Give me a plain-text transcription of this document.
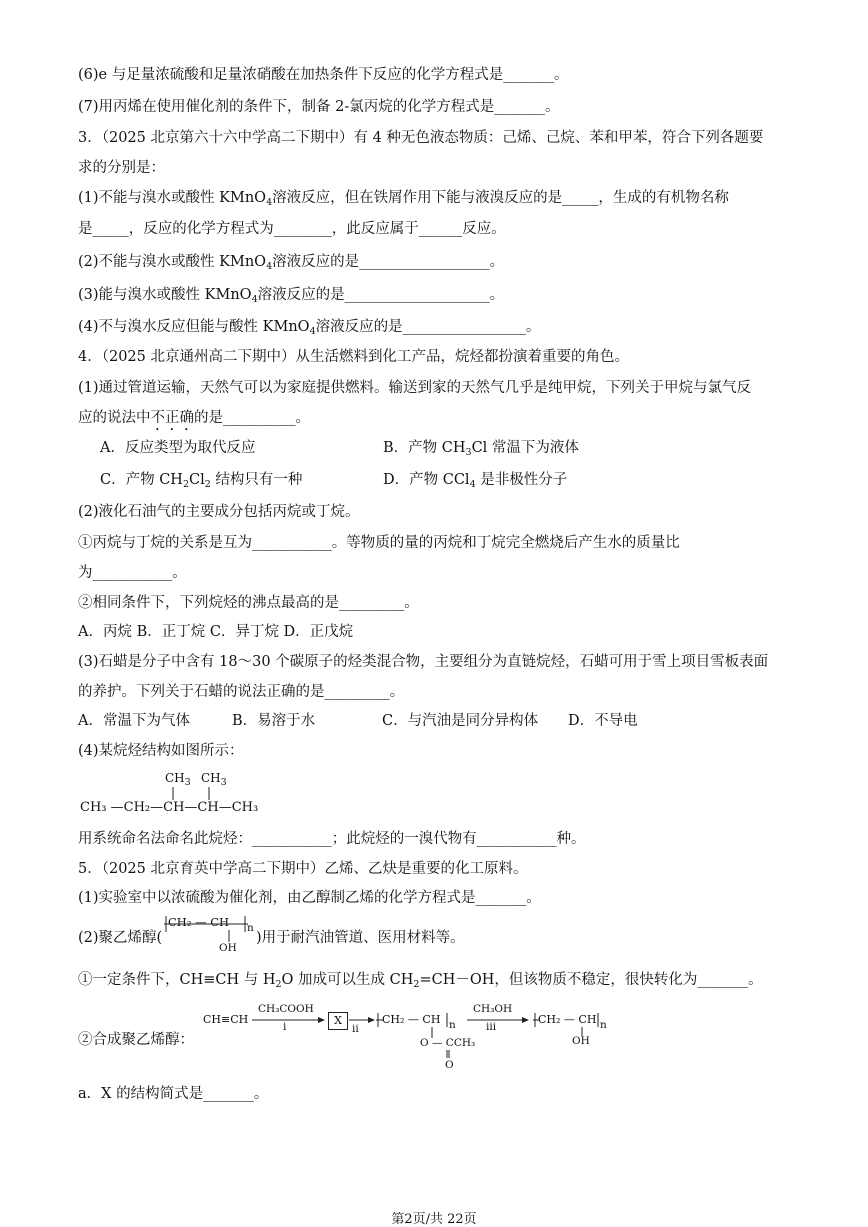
(6)e 与足量浓硫酸和足量浓硝酸在加热条件下反应的化学方程式是_______。
(7)用丙烯在使用催化剂的条件下，制备 2-氯丙烷的化学方程式是_______。
3．（2025 北京第六十六中学高二下期中）有 4 种无色液态物质：己烯、己烷、苯和甲苯，符合下列各题要
求的分别是：
(1)不能与溴水或酸性 KMnO$_4$溶液反应，但在铁屑作用下能与液溴反应的是_____，生成的有机物名称
是_____，反应的化学方程式为________，此反应属于______反应。
(2)不能与溴水或酸性 KMnO$_4$溶液反应的是__________________。
(3)能与溴水或酸性 KMnO$_4$溶液反应的是____________________。
(4)不与溴水反应但能与酸性 KMnO$_4$溶液反应的是_________________。
4．（2025 北京通州高二下期中）从生活燃料到化工产品，烷烃都扮演着重要的角色。
(1)通过管道运输，天然气可以为家庭提供燃料。输送到家的天然气几乎是纯甲烷，下列关于甲烷与氯气反
应的说法中不正确的是__________。
A．反应类型为取代反应	B．产物 $CH_3Cl$ 常温下为液体
C．产物 $CH_2Cl_2$ 结构只有一种	D．产物 CCl$_4$ 是非极性分子
(2)液化石油气的主要成分包括丙烷或丁烷。
①丙烷与丁烷的关系是互为___________。等物质的量的丙烷和丁烷完全燃烧后产生水的质量比
为___________。
②相同条件下，下列烷烃的沸点最高的是_________。
A．丙烷 B．正丁烷 C．异丁烷 D．正戊烷
(3)石蜡是分子中含有 18～30 个碳原子的烃类混合物，主要组分为直链烷烃，石蜡可用于雪上项目雪板表面
的养护。下列关于石蜡的说法正确的是_________。
A．常温下为气体	B．易溶于水	C．与汽油是同分异构体 D．不导电
(4)某烷烃结构如图所示：
$CH_3$ $CH_3$
CH₃ —CH₂—CH—CH—CH₃
用系统命名法命名此烷烃：___________；此烷烃的一溴代物有___________种。
5．（2025 北京育英中学高二下期中）乙烯、乙炔是重要的化工原料。
(1)实验室中以浓硫酸为催化剂，由乙醇制乙烯的化学方程式是_______。
(2)聚乙烯醇(
CH₂ — CH n
OH
)用于耐汽油管道、医用材料等。
①一定条件下，CH≡CH 与 $H_2O$ 加成可以生成 $CH_2=CH-OH$，但该物质不稳定，很快转化为_______。
②合成聚乙烯醇：
CH≡CH
CH₃COOH
i	X
ii
CH₂ — CH n
O — CCH₃
O
CH₃OH
iii
CH₂ — CH n
OH
a．X 的结构简式是_______。
第2页/共 22页
